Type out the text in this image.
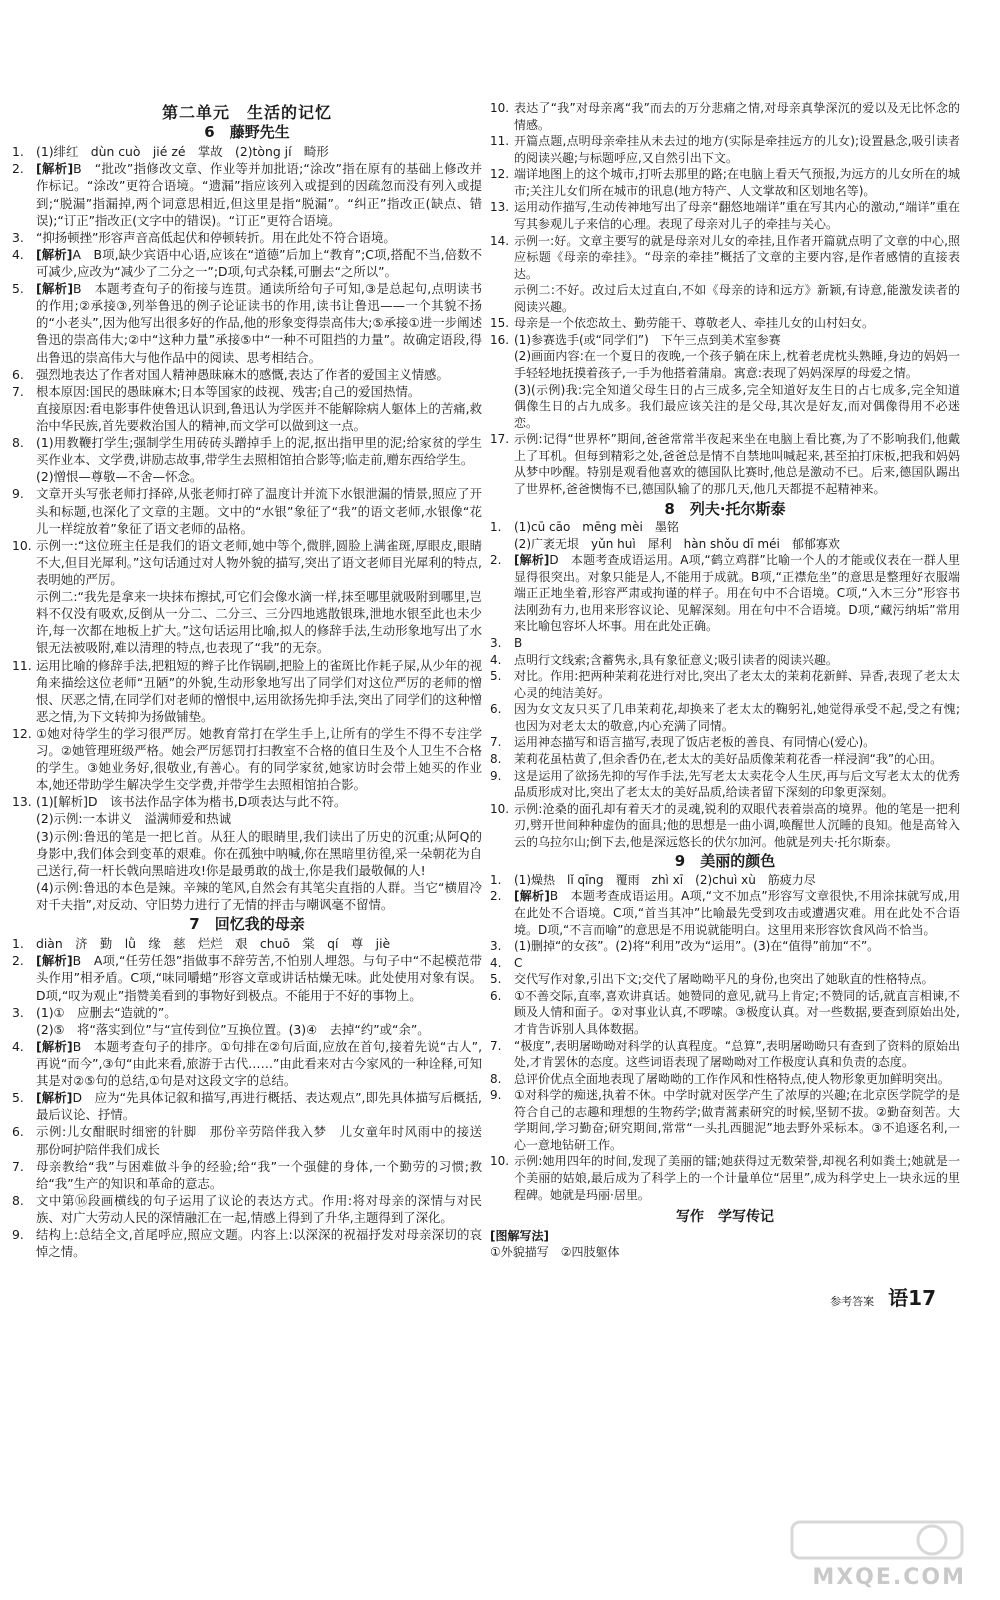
第二单元　生活的记忆
6　藤野先生
1. (1)绯红　dùn cuò　jié zé　掌故　(2)tòng jí　畸形
2. [解析]B　“批改”指修改文章、作业等并加批语;“涂改”指在原有的基础上修改并作标记。“涂改”更符合语境。“遗漏”指应该列入或提到的因疏忽而没有列入或提到;“脱漏”指漏掉,两个词意思相近,但这里是指“脱漏”。“纠正”指改正(缺点、错误);“订正”指改正(文字中的错误)。“订正”更符合语境。
3. “抑扬顿挫”形容声音高低起伏和停顿转折。用在此处不符合语境。
4. [解析]A　B项,缺少宾语中心语,应该在“道德”后加上“教育”;C项,搭配不当,倍数不可减少,应改为“减少了二分之一”;D项,句式杂糅,可删去“之所以”。
5. [解析]B　本题考查句子的衔接与连贯。通读所给句子可知,③是总起句,点明读书的作用;②承接③,列举鲁迅的例子论证读书的作用,读书让鲁迅——一个其貌不扬的“小老头”,因为他写出很多好的作品,他的形象变得崇高伟大;⑤承接①进一步阐述鲁迅的崇高伟大;②中“这种力量”承接⑤中“一种不可阻挡的力量”。故确定语段,得出鲁迅的崇高伟大与他作品中的阅读、思考相结合。
6. 强烈地表达了作者对国人精神愚昧麻木的感慨,表达了作者的爱国主义情感。
7. 根本原因:国民的愚昧麻木;日本等国家的歧视、残害;自己的爱国热情。
直接原因:看电影事件使鲁迅认识到,鲁迅认为学医并不能解除病人躯体上的苦痛,救治中华民族,首先要救治国人的精神,而文学可以做到这一点。
8. (1)用教鞭打学生;强制学生用砖砖头蹭掉手上的泥,抠出指甲里的泥;给家贫的学生买作业本、文学费,讲励志故事,带学生去照相馆拍合影等;临走前,赠东西给学生。
(2)憎恨—尊敬—不舍—怀念。
9. 文章开头写张老师打择碎,从张老师打碎了温度计并流下水银泄漏的情景,照应了开头和标题,也深化了文章的主题。文中的“水银”象征了“我”的语文老师,水银像“花儿一样绽放着”象征了语文老师的品格。
10. 示例一:“这位班主任是我们的语文老师,她中等个,微胖,圆脸上满雀斑,厚眼皮,眼睛不大,但目光犀利。”这句话通过对人物外貌的描写,突出了语文老师目光犀利的特点,表明她的严厉。
示例二:“我先是拿来一块抹布擦拭,可它们会像水滴一样,抹至哪里就吸附到哪里,岂料不仅没有吸欢,反倒从一分二、二分三、三分四地逃散银珠,泄地水银至此也未少许,每一次都在地板上扩大。”这句话运用比喻,拟人的修辞手法,生动形象地写出了水银无法被吸附,难以清理的特点,也表现了“我”的无奈。
11. 运用比喻的修辞手法,把粗短的辫子比作锅刷,把脸上的雀斑比作耗子屎,从少年的视角来描绘这位老师“丑陋”的外貌,生动形象地写出了同学们对这位严厉的老师的憎恨、厌恶之情,在同学们对老师的憎恨中,运用欲扬先抑手法,突出了同学们的这种憎恶之情,为下文转抑为扬做铺垫。
12. ①她对待学生的学习很严厉。她教育常打在学生手上,让所有的学生不得不专注学习。②她管理班级严格。她会严厉惩罚打扫教室不合格的值日生及个人卫生不合格的学生。③她业务好,很敬业,有善心。有的同学家贫,她家访时会带上她买的作业本,她还带助学生解决学生交学费,并带学生去照相馆拍合影。
13. (1)[解析]D　该书法作品字体为楷书,D项表达与此不符。
(2)示例:一本讲义　溢满师爱和热诚
(3)示例:鲁迅的笔是一把匕首。从狂人的眼睛里,我们读出了历史的沉重;从阿Q的身影中,我们体会到变革的艰难。你在孤独中呐喊,你在黑暗里彷徨,采一朵朝花为自己送行,荷一杆长戟向黑暗进攻!你是最勇敢的战士,你是我们最敬佩的人!
(4)示例:鲁迅的本色是辣。辛辣的笔风,自然会有其笔尖直指的人群。当它“横眉冷对千夫指”,对反动、守旧势力进行了无情的抨击与嘲讽毫不留情。
7　回忆我的母亲
1. diàn　济　勤　lǜ　缘　慈　烂烂　艰　chuō　棠　qí　尊　jiè
2. [解析]B　A项,“任劳任怨”指做事不辞劳苦,不怕别人埋怨。与句子中“不起模范带头作用”相矛盾。C项,“味同嚼蜡”形容文章或讲话枯燥无味。此处使用对象有误。D项,“叹为观止”指赞美看到的事物好到极点。不能用于不好的事物上。
3. (1)①　应删去“造就的”。
(2)⑤　将“落实到位”与“宣传到位”互换位置。(3)④　去掉“约”或“余”。
4. [解析]B　本题考查句子的排序。①句排在②句后面,应放在首句,接着先说“古人”,再说“而今”,③句“由此来看,旅游于古代……”由此看来对古今家风的一种诠释,可知其是对②⑤句的总结,①句是对这段文字的总结。
5. [解析]D　应为“先具体记叙和描写,再进行概括、表达观点”,即先具体描写后概括,最后议论、抒情。
6. 示例:儿女酣眠时细密的针脚　那份辛劳陪伴我入梦　儿女童年时风雨中的接送　那份呵护陪伴我们成长
7. 母亲教给“我”与困难做斗争的经验;给“我”一个强健的身体,一个勤劳的习惯;教给“我”生产的知识和革命的意志。
8. 文中第⑯段画横线的句子运用了议论的表达方式。作用:将对母亲的深情与对民族、对广大劳动人民的深情融汇在一起,情感上得到了升华,主题得到了深化。
9. 结构上:总结全文,首尾呼应,照应文题。内容上:以深深的祝福抒发对母亲深切的哀悼之情。
10. 表达了“我”对母亲离“我”而去的万分悲痛之情,对母亲真挚深沉的爱以及无比怀念的情感。
11. 开篇点题,点明母亲牵挂从未去过的地方(实际是牵挂远方的儿女);设置悬念,吸引读者的阅读兴趣;与标题呼应,又自然引出下文。
12. 端详地图上的这个城市,打听去那里的路;在电脑上看天气预报,为远方的儿女所在的城市;关注儿女们所在城市的讯息(地方特产、人文掌故和区划地名等)。
13. 运用动作描写,生动传神地写出了母亲“翻悠地端详”重在写其内心的激动,“端详”重在写其参观儿子来信的心理。表现了母亲对儿子的牵挂与关心。
14. 示例一:好。文章主要写的就是母亲对儿女的牵挂,且作者开篇就点明了文章的中心,照应标题《母亲的牵挂》。“母亲的牵挂”概括了文章的主要内容,是作者感情的直接表达。
示例二:不好。改过后太过直白,不如《母亲的诗和远方》新颖,有诗意,能激发读者的阅读兴趣。
15. 母亲是一个依恋故土、勤劳能干、尊敬老人、牵挂儿女的山村妇女。
16. (1)参赛选手(或“同学们”)　下午三点到美术室参赛
(2)画面内容:在一个夏日的夜晚,一个孩子躺在床上,枕着老虎枕头熟睡,身边的妈妈一手轻轻地抚摸着孩子,一手为他搭着蒲扇。寓意:表现了妈妈深厚的母爱之情。
(3)(示例)我:完全知道父母生日的占三成多,完全知道好友生日的占七成多,完全知道偶像生日的占九成多。我们最应该关注的是父母,其次是好友,而对偶像得用不必迷恋。
17. 示例:记得“世界杯”期间,爸爸常常半夜起来坐在电脑上看比赛,为了不影响我们,他戴上了耳机。但每到精彩之处,爸爸总是情不自禁地叫喊起来,甚至拍打床板,把我和妈妈从梦中吵醒。特别是观看他喜欢的德国队比赛时,他总是激动不已。后来,德国队踢出了世界杯,爸爸懊悔不已,德国队输了的那几天,他几天都提不起精神来。
8　列夫·托尔斯泰
1.	(1)cū cāo　mēng mèi　墨铭
(2)广袤无垠　yǔn huì　犀利　hàn shǒu dī méi　郁郁寡欢
2.	[解析]D　本题考查成语运用。A项,“鹤立鸡群”比喻一个人的才能或仪表在一群人里显得很突出。对象只能是人,不能用于成就。B项,“正襟危坐”的意思是整理好衣服端端正正地坐着,形容严肃或拘谨的样子。用在句中不合语境。C项,“入木三分”形容书法刚劲有力,也用来形容议论、见解深刻。用在句中不合语境。D项,“藏污纳垢”常用来比喻包容坏人坏事。用在此处正确。
3.	B
4.	点明行文线索;含蓄隽永,具有象征意义;吸引读者的阅读兴趣。
5.	对比。作用:把两种茉莉花进行对比,突出了老太太的茉莉花新鲜、异香,表现了老太太心灵的纯洁美好。
6.	因为女文友只买了几串茉莉花,却换来了老太太的鞠躬礼,她觉得承受不起,受之有愧;也因为对老太太的敬意,内心充满了同情。
7.	运用神态描写和语言描写,表现了饭店老板的善良、有同情心(爱心)。
8.	茉莉花虽枯黄了,但余香仍在,老太太的美好品质像茉莉花香一样浸润“我”的心田。
9.	这是运用了欲扬先抑的写作手法,先写老太太卖花令人生厌,再与后文写老太太的优秀品质形成对比,突出了老太太的美好品质,给读者留下深刻的印象更深刻。
10. 示例:沧桑的面孔却有着天才的灵魂,锐利的双眼代表着崇高的境界。他的笔是一把利刃,劈开世间种种虚伪的面具;他的思想是一曲小调,唤醒世人沉睡的良知。他是高耸入云的乌拉尔山;倒下去,他是深远悠长的伏尔加河。他就是列夫·托尔斯泰。
9　美丽的颜色
1.	(1)燥热　lǐ qīng　覆雨　zhì xī　(2)chuì xù　筋疲力尽
2.	[解析]B　本题考查成语运用。A项,“文不加点”形容写文章很快,不用涂抹就写成,用在此处不合语境。C项,“首当其冲”比喻最先受到攻击或遭遇灾难。用在此处不合语境。D项,“不言而喻”的意思是不用说就能明白。这里用来形容饮食风尚不恰当。
3.	(1)删掉“的女孩”。(2)将“利用”改为“运用”。(3)在“值得”前加“不”。
4.	C
5.	交代写作对象,引出下文;交代了屠呦呦平凡的身份,也突出了她耿直的性格特点。
6.	①不善交际,直率,喜欢讲真话。她赞同的意见,就马上肯定;不赞同的话,就直言相谏,不顾及人情和面子。②对事业认真,不啰嗦。③极度认真。对一些数据,要查到原始出处,才肯告诉别人具体数据。
7.	“极度”,表明屠呦呦对科学的认真程度。“总算”,表明屠呦呦只有查到了资料的原始出处,才肯罢休的态度。这些词语表现了屠呦呦对工作极度认真和负责的态度。
8.	总评价优点全面地表现了屠呦呦的工作作风和性格特点,使人物形象更加鲜明突出。
9.	①对科学的痴迷,执着不休。中学时就对医学产生了浓厚的兴趣;在北京医学院学的是符合自己的志趣和理想的生物药学;做青蒿素研究的时候,坚韧不拔。②勤奋刻苦。大学期间,学习勤奋;研究期间,常常“一头扎西腿泥”地去野外采标本。③不追逐名利,一心一意地钻研工作。
10. 示例:她用四年的时间,发现了美丽的镭;她获得过无数荣誉,却视名利如粪土;她就是一个美丽的姑娘,最后成为了科学上的一个计量单位“居里”,成为科学史上一块永远的里程碑。她就是玛丽·居里。
写作　学写传记
[图解写法]
①外貌描写　②四肢躯体
参考答案 语17
MXQE.COM
